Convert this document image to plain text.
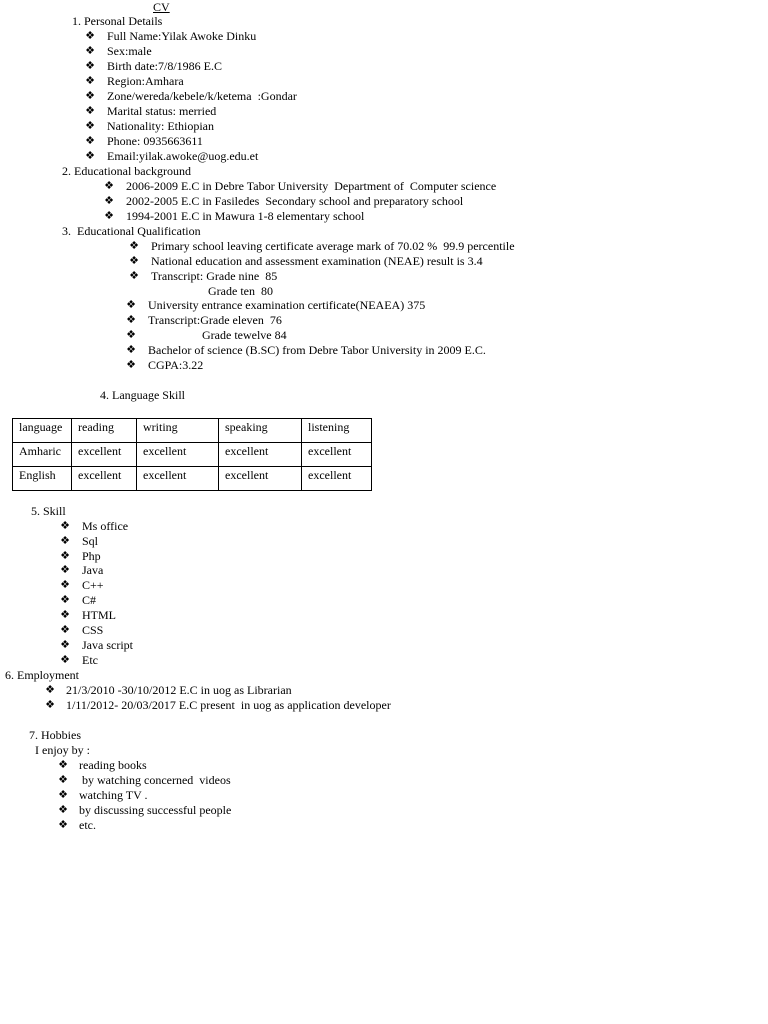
CV
1. Personal Details
❖ Full Name:Yilak Awoke Dinku
❖ Sex:male
❖ Birth date:7/8/1986 E.C
❖ Region:Amhara
❖ Zone/wereda/kebele/k/ketema  :Gondar
❖ Marital status: merried
❖ Nationality: Ethiopian
❖ Phone: 0935663611
❖ Email:yilak.awoke@uog.edu.et
2. Educational background
❖ 2006-2009 E.C in Debre Tabor University  Department of  Computer science
❖ 2002-2005 E.C in Fasiledes  Secondary school and preparatory school
❖ 1994-2001 E.C in Mawura 1-8 elementary school
3.  Educational Qualification
❖ Primary school leaving certificate average mark of 70.02 %  99.9 percentile
❖ National education and assessment examination (NEAE) result is 3.4
❖ Transcript: Grade nine  85
Grade ten  80
❖ University entrance examination certificate(NEAEA) 375
❖ Transcript:Grade eleven  76
❖	Grade tewelve 84
❖ Bachelor of science (B.SC) from Debre Tabor University in 2009 E.C.
❖ CGPA:3.22
4. Language Skill
language	reading	writing	speaking	listening
Amharic	excellent	excellent	excellent	excellent
English	excellent	excellent	excellent	excellent
5. Skill
❖ Ms office
❖ Sql
❖ Php
❖ Java
❖ C++
❖ C#
❖ HTML
❖ CSS
❖ Java script
❖ Etc
6. Employment
❖ 21/3/2010 -30/10/2012 E.C in uog as Librarian
❖ 1/11/2012- 20/03/2017 E.C present  in uog as application developer
7. Hobbies
I enjoy by :
❖ reading books
❖ by watching concerned  videos
❖ watching TV .
❖ by discussing successful people
❖ etc.
